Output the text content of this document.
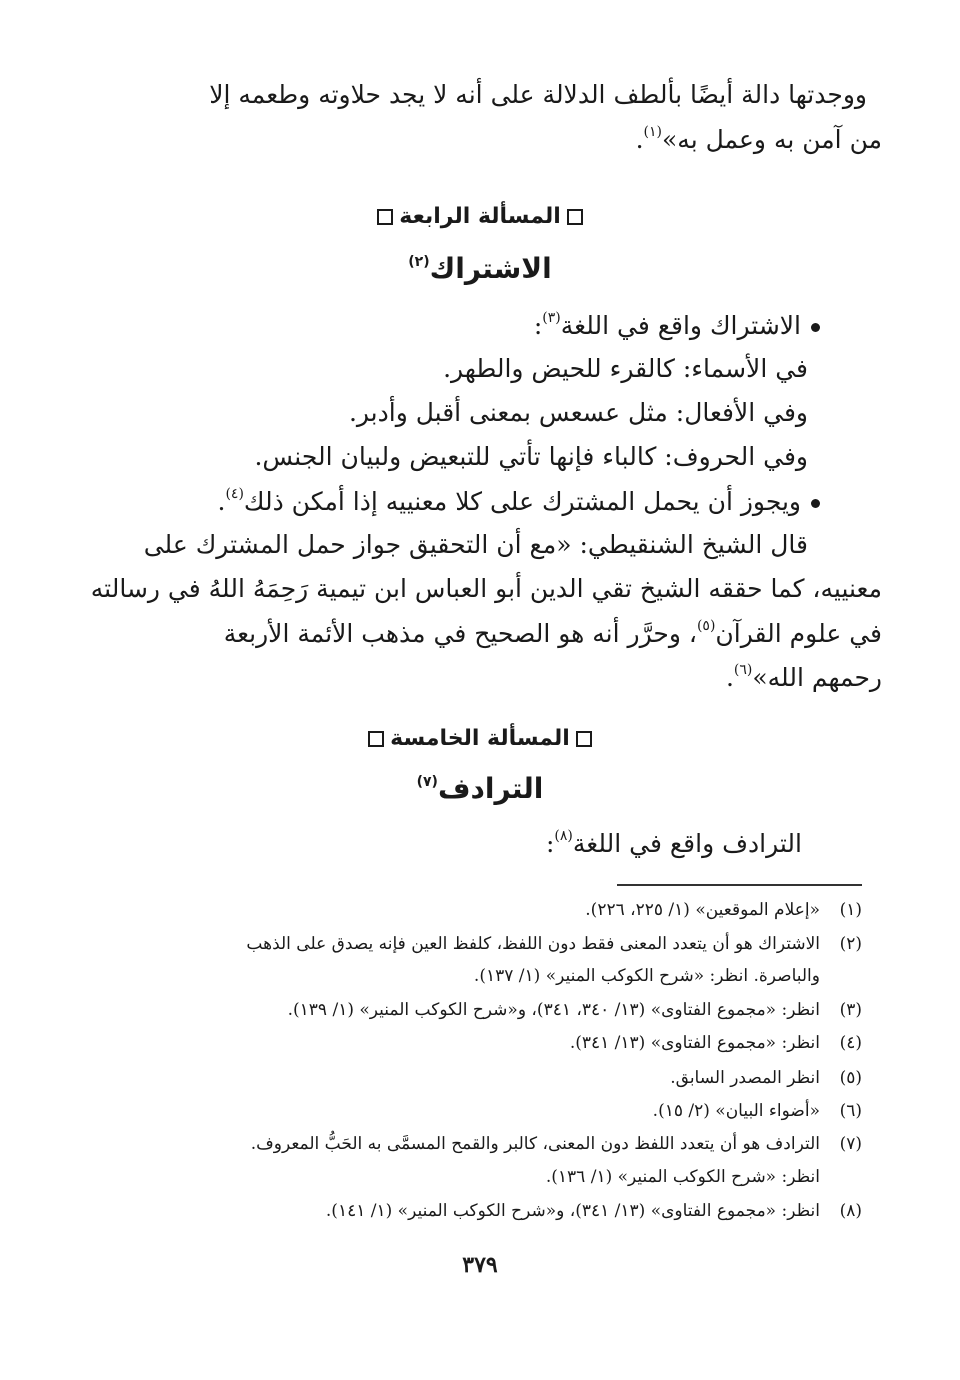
ووجدتها دالة أيضًا بألطف الدلالة على أنه لا يجد حلاوته وطعمه إلا
من آمن به وعمل به»$^{(١)}$.
المسألة الرابعة
الاشتراك$^{(٢)}$
الاشتراك واقع في اللغة$^{(٣)}$:
في الأسماء: كالقرء للحيض والطهر.
وفي الأفعال: مثل عسعس بمعنى أقبل وأدبر.
وفي الحروف: كالباء فإنها تأتي للتبعيض ولبيان الجنس.
ويجوز أن يحمل المشترك على كلا معنييه إذا أمكن ذلك$^{(٤)}$.
قال الشيخ الشنقيطي: «مع أن التحقيق جواز حمل المشترك على
معنييه، كما حققه الشيخ تقي الدين أبو العباس ابن تيمية رَحِمَهُ اللهُ في رسالته
في علوم القرآن$^{(٥)}$، وحرَّر أنه هو الصحيح في مذهب الأئمة الأربعة
رحمهم الله»$^{(٦)}$.
المسألة الخامسة
الترادف$^{(٧)}$
الترادف واقع في اللغة$^{(٨)}$:
(١)«إعلام الموقعين» (١/ ٢٢٥، ٢٢٦).
(٢)الاشتراك هو أن يتعدد المعنى فقط دون اللفظ، كلفظ العين فإنه يصدق على الذهب
والباصرة. انظر: «شرح الكوكب المنير» (١/ ١٣٧).
(٣)انظر: «مجموع الفتاوى» (١٣/ ٣٤٠، ٣٤١)، و«شرح الكوكب المنير» (١/ ١٣٩).
(٤)انظر: «مجموع الفتاوى» (١٣/ ٣٤١).
(٥)انظر المصدر السابق.
(٦)«أضواء البيان» (٢/ ١٥).
(٧)الترادف هو أن يتعدد اللفظ دون المعنى، كالبر والقمح المسمَّى به الحَبُّ المعروف.
انظر: «شرح الكوكب المنير» (١/ ١٣٦).
(٨)انظر: «مجموع الفتاوى» (١٣/ ٣٤١)، و«شرح الكوكب المنير» (١/ ١٤١).
٣٧٩
